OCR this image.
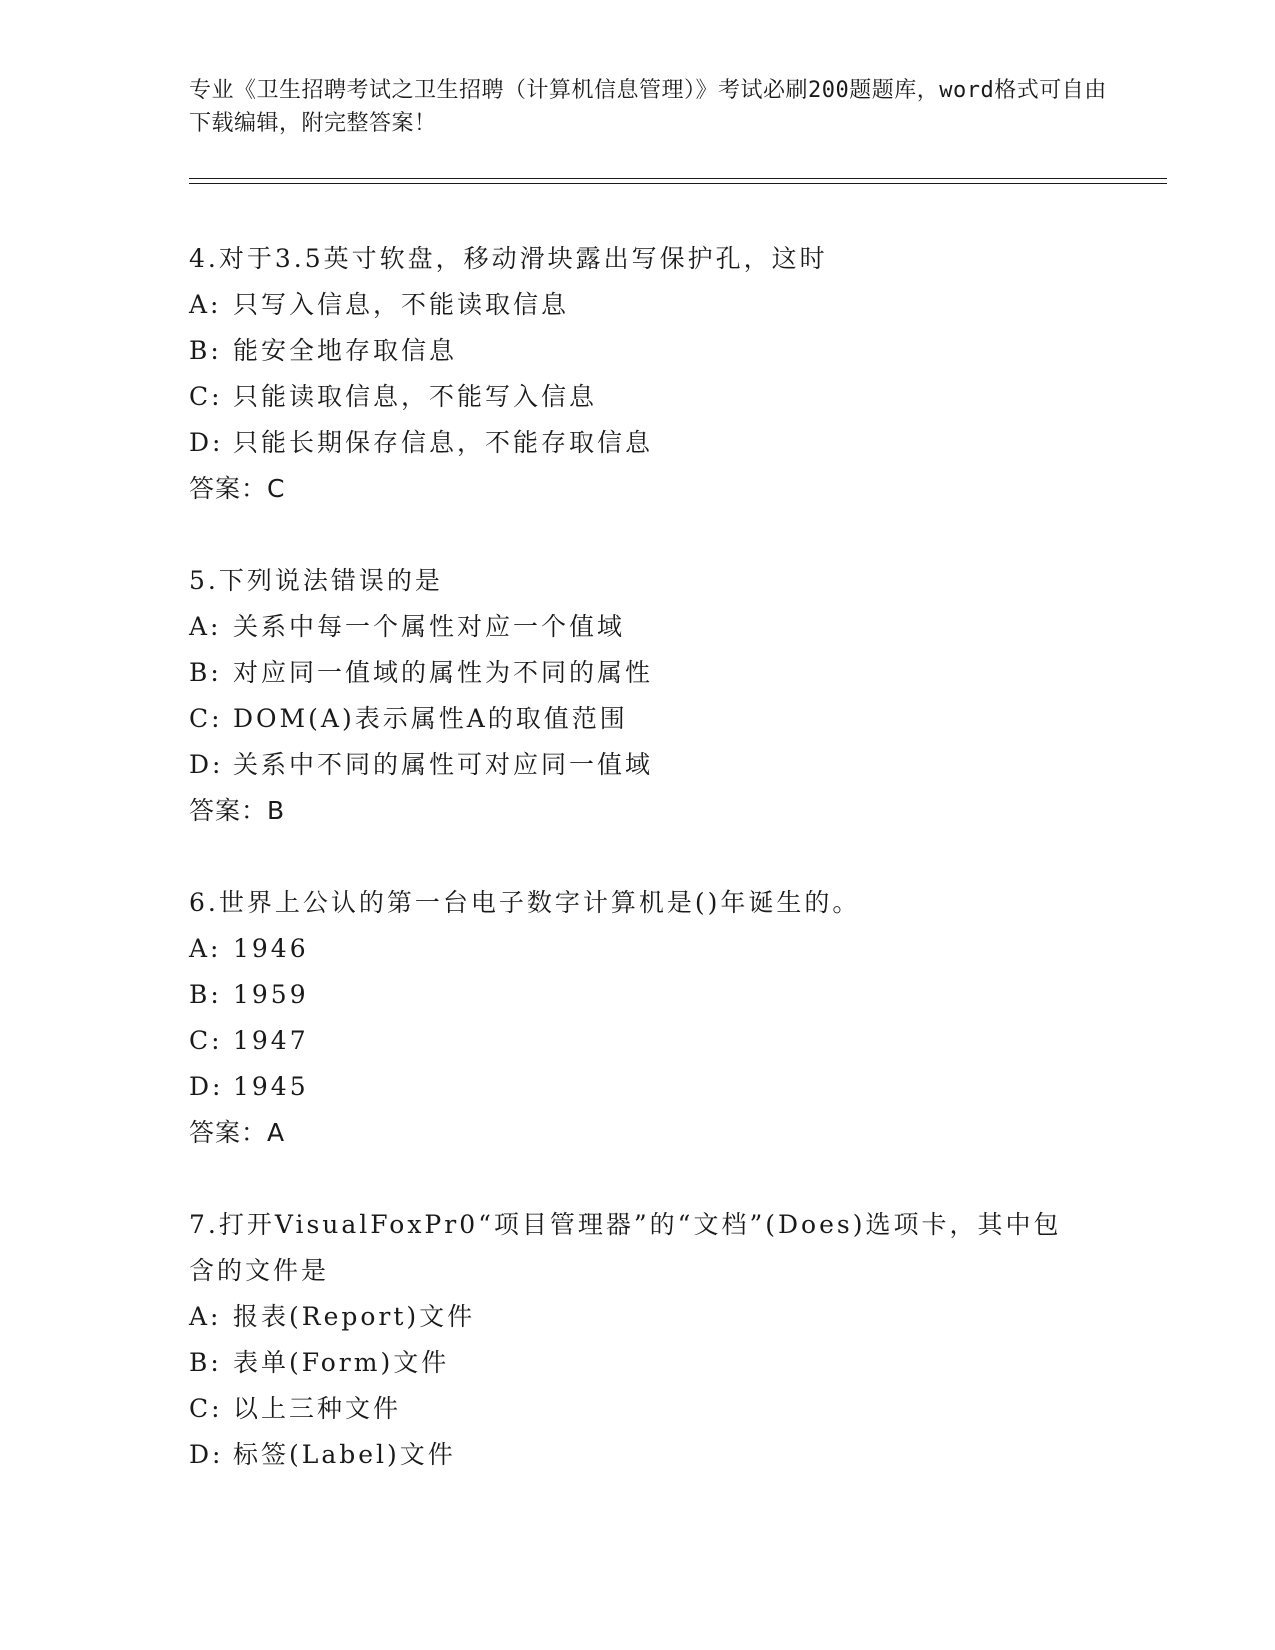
专业《卫生招聘考试之卫生招聘（计算机信息管理）》考试必刷200题题库，word格式可自由下载编辑，附完整答案！
4.对于3.5英寸软盘，移动滑块露出写保护孔，这时
A: 只写入信息，不能读取信息
B: 能安全地存取信息
C: 只能读取信息，不能写入信息
D: 只能长期保存信息，不能存取信息
答案：C
5.下列说法错误的是
A: 关系中每一个属性对应一个值域
B: 对应同一值域的属性为不同的属性
C: DOM(A)表示属性A的取值范围
D: 关系中不同的属性可对应同一值域
答案：B
6.世界上公认的第一台电子数字计算机是()年诞生的。
A: 1946
B: 1959
C: 1947
D: 1945
答案：A
7.打开VisualFoxPr0“项目管理器”的“文档”(Does)选项卡，其中包含的文件是
A: 报表(Report)文件
B: 表单(Form)文件
C: 以上三种文件
D: 标签(Label)文件
